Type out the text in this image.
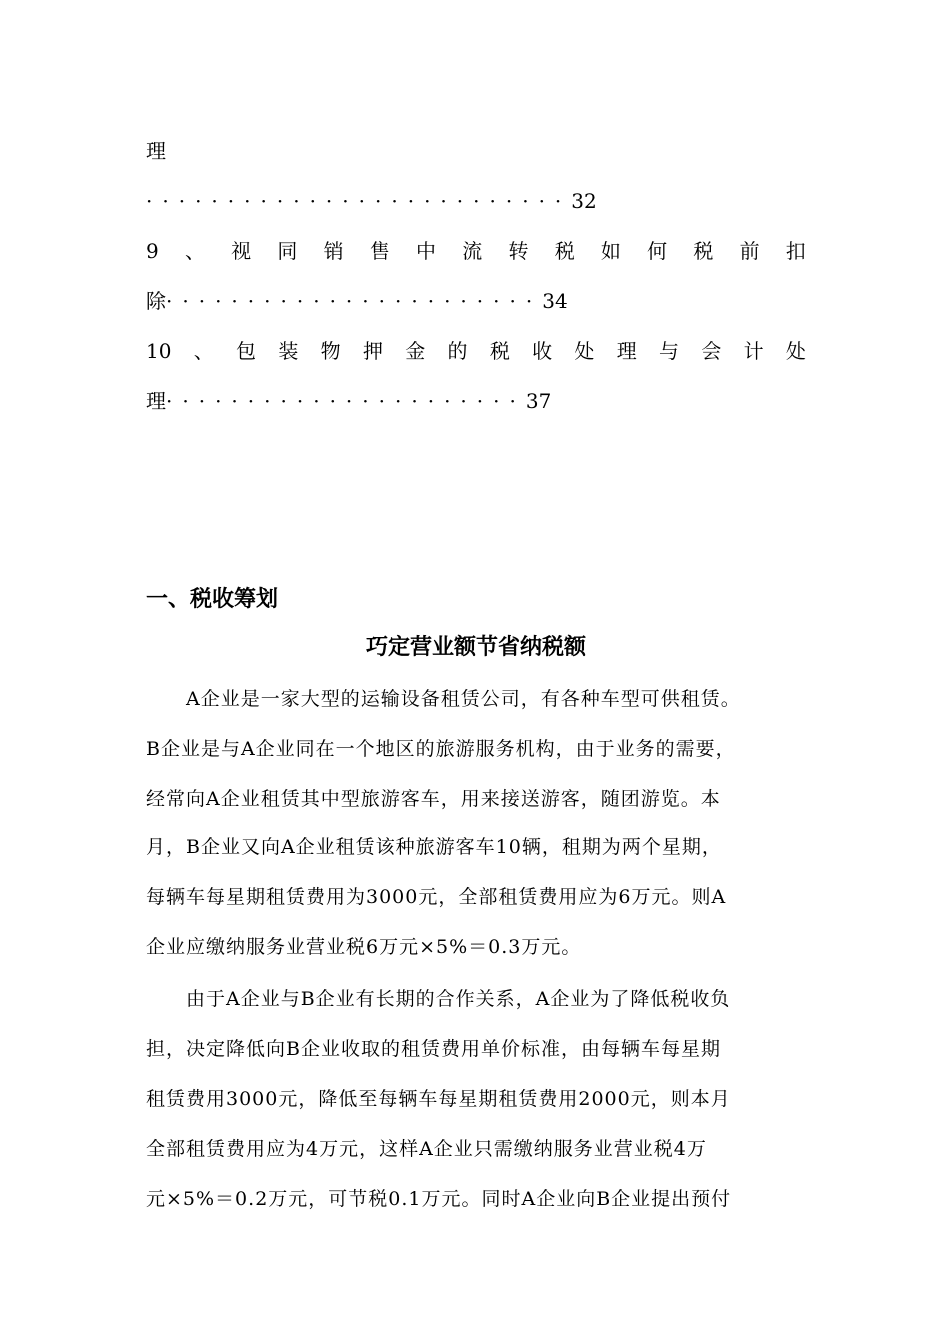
理
··························32
9 、 视 同 销 售 中 流 转 税 如 何 税 前 扣
除·······················34
10 、 包 装 物 押 金 的 税 收 处 理 与 会 计 处
理······················37
一、税收筹划
巧定营业额节省纳税额
A企业是一家大型的运输设备租赁公司，有各种车型可供租赁。
B企业是与A企业同在一个地区的旅游服务机构，由于业务的需要，
经常向A企业租赁其中型旅游客车，用来接送游客，随团游览。本
月，B企业又向A企业租赁该种旅游客车10辆，租期为两个星期，
每辆车每星期租赁费用为3000元，全部租赁费用应为6万元。则A
企业应缴纳服务业营业税6万元×5%＝0.3万元。
由于A企业与B企业有长期的合作关系，A企业为了降低税收负
担，决定降低向B企业收取的租赁费用单价标准，由每辆车每星期
租赁费用3000元，降低至每辆车每星期租赁费用2000元，则本月
全部租赁费用应为4万元，这样A企业只需缴纳服务业营业税4万
元×5%＝0.2万元，可节税0.1万元。同时A企业向B企业提出预付
